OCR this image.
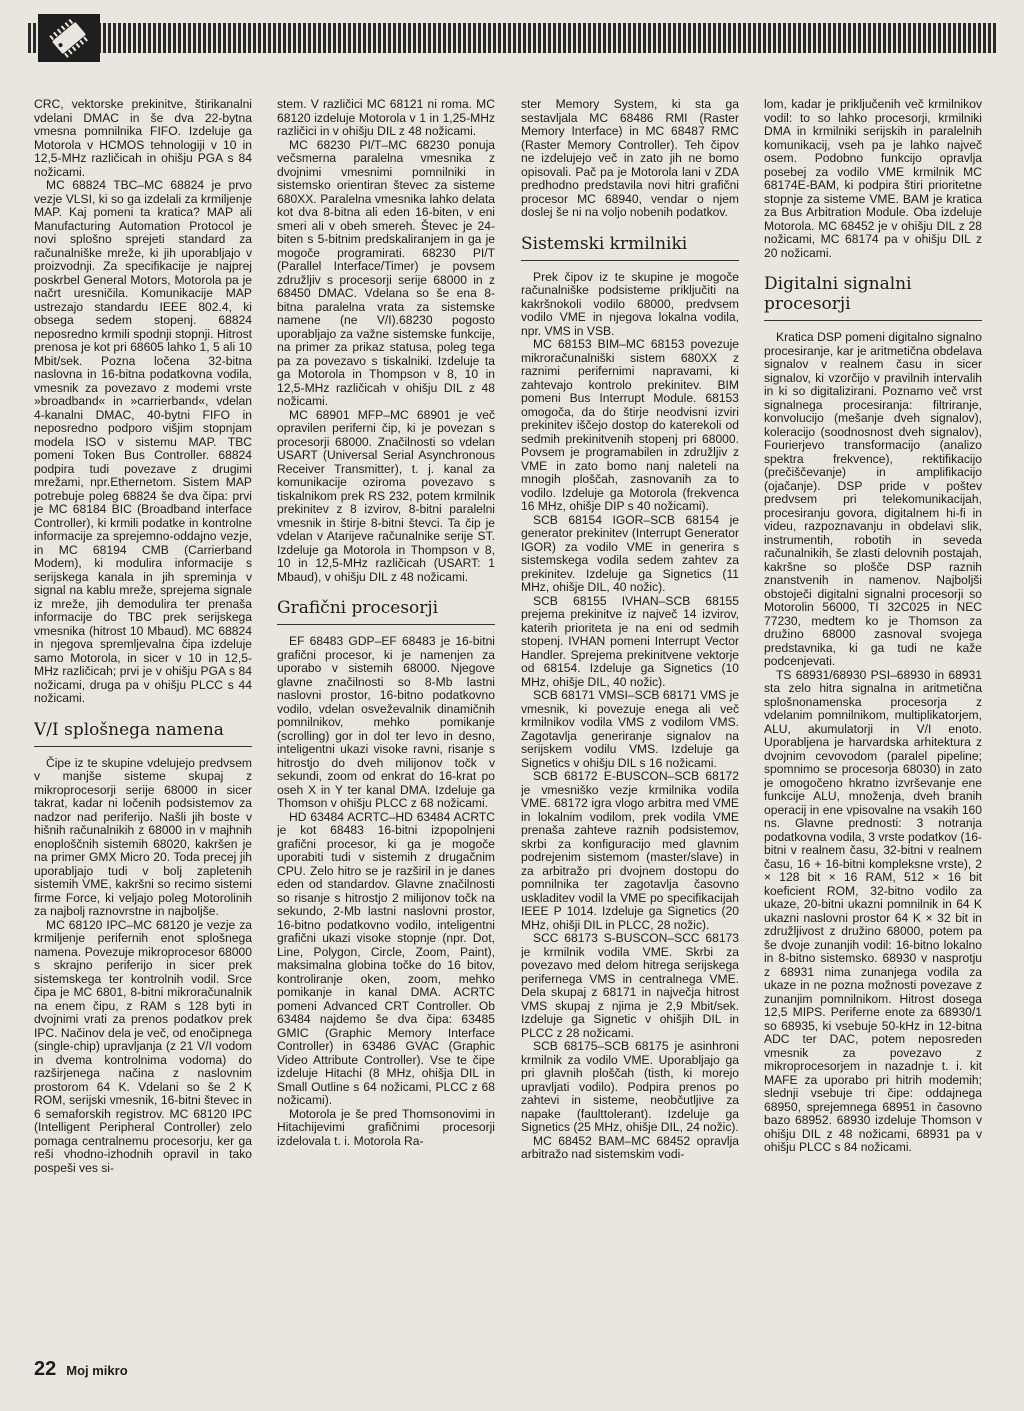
CRC, vektorske prekinitve, štirikanalni vdelani DMAC in še dva 22-bytna vmesna pomnilnika FIFO. Izdeluje ga Motorola v HCMOS tehnologiji v 10 in 12,5-MHz različicah in ohišju PGA s 84 nožicami.

MC 68824 TBC–MC 68824 je prvo vezje VLSI, ki so ga izdelali za krmiljenje MAP. Kaj pomeni ta kratica? MAP ali Manufacturing Automation Protocol je novi splošno sprejeti standard za računalniške mreže, ki jih uporabljajo v proizvodnji. Za specifikacije je najprej poskrbel General Motors, Motorola pa je načrt uresničila. Komunikacije MAP ustrezajo standardu IEEE 802.4, ki obsega sedem stopenj. 68824 neposredno krmili spodnji stopnji. Hitrost prenosa je kot pri 68605 lahko 1, 5 ali 10 Mbit/sek. Pozna ločena 32-bitna naslovna in 16-bitna podatkovna vodila, vmesnik za povezavo z modemi vrste »broadband« in »carrierband«, vdelan 4-kanalni DMAC, 40-bytni FIFO in neposredno podporo višjim stopnjam modela ISO v sistemu MAP. TBC pomeni Token Bus Controller. 68824 podpira tudi povezave z drugimi mrežami, npr.Ethernetom. Sistem MAP potrebuje poleg 68824 še dva čipa: prvi je MC 68184 BIC (Broadband interface Controller), ki krmili podatke in kontrolne informacije za sprejemno-oddajno vezje, in MC 68194 CMB (Carrierband Modem), ki modulira informacije s serijskega kanala in jih spreminja v signal na kablu mreže, sprejema signale iz mreže, jih demodulira ter prenaša informacije do TBC prek serijskega vmesnika (hitrost 10 Mbaud). MC 68824 in njegova spremljevalna čipa izdeluje samo Motorola, in sicer v 10 in 12,5-MHz različicah; prvi je v ohišju PGA s 84 nožicami, druga pa v ohišju PLCC s 44 nožicami.

V/I splošnega namena

Čipe iz te skupine vdelujejo predvsem v manjše sisteme skupaj z mikroprocesorji serije 68000 in sicer takrat, kadar ni ločenih podsistemov za nadzor nad periferijo. Našli jih boste v hišnih računalnikih z 68000 in v majhnih enoploščnih sistemih 68020, kakršen je na primer GMX Micro 20. Toda precej jih uporabljajo tudi v bolj zapletenih sistemih VME, kakršni so recimo sistemi firme Force, ki veljajo poleg Motorolinih za najbolj raznovrstne in najboljše.

MC 68120 IPC–MC 68120 je vezje za krmiljenje perifernih enot splošnega namena. Povezuje mikroprocesor 68000 s skrajno periferijo in sicer prek sistemskega ter kontrolnih vodil. Srce čipa je MC 6801, 8-bitni mikroračunalnik na enem čipu, z RAM s 128 byti in dvojnimi vrati za prenos podatkov prek IPC. Načinov dela je več, od enočipnega (single-chip) upravljanja (z 21 V/I vodom in dvema kontrolnima vodoma) do razširjenega načina z naslovnim prostorom 64 K. Vdelani so še 2 K ROM, serijski vmesnik, 16-bitni števec in 6 semaforskih registrov. MC 68120 IPC (Intelligent Peripheral Controller) zelo pomaga centralnemu procesorju, ker ga reši vhodno-izhodnih opravil in tako pospeši ves si-

stem. V različici MC 68121 ni roma. MC 68120 izdeluje Motorola v 1 in 1,25-MHz različici in v ohišju DIL z 48 nožicami.

MC 68230 PI/T–MC 68230 ponuja večsmerna paralelna vmesnika z dvojnimi vmesnimi pomnilniki in sistemsko orientiran števec za sisteme 680XX. Paralelna vmesnika lahko delata kot dva 8-bitna ali eden 16-biten, v eni smeri ali v obeh smereh. Števec je 24-biten s 5-bitnim predskaliranjem in ga je mogoče programirati. 68230 PI/T (Parallel Interface/Timer) je povsem združljiv s procesorji serije 68000 in z 68450 DMAC. Vdelana so še ena 8-bitna paralelna vrata za sistemske namene (ne V/I).68230 pogosto uporabljajo za važne sistemske funkcije, na primer za prikaz statusa, poleg tega pa za povezavo s tiskalniki. Izdeluje ta ga Motorola in Thompson v 8, 10 in 12,5-MHz različicah v ohišju DIL z 48 nožicami.

MC 68901 MFP–MC 68901 je več opravilen periferni čip, ki je povezan s procesorji 68000. Značilnosti so vdelan USART (Universal Serial Asynchronous Receiver Transmitter), t. j. kanal za komunikacije oziroma povezavo s tiskalnikom prek RS 232, potem krmilnik prekinitev z 8 izvirov, 8-bitni paralelni vmesnik in štirje 8-bitni števci. Ta čip je vdelan v Atarijeve računalnike serije ST. Izdeluje ga Motorola in Thompson v 8, 10 in 12,5-MHz različicah (USART: 1 Mbaud), v ohišju DIL z 48 nožicami.

Grafični procesorji

EF 68483 GDP–EF 68483 je 16-bitni grafični procesor, ki je namenjen za uporabo v sistemih 68000. Njegove glavne značilnosti so 8-Mb lastni naslovni prostor, 16-bitno podatkovno vodilo, vdelan osveževalnik dinamičnih pomnilnikov, mehko pomikanje (scrolling) gor in dol ter levo in desno, inteligentni ukazi visoke ravni, risanje s hitrostjo do dveh milijonov točk v sekundi, zoom od enkrat do 16-krat po oseh X in Y ter kanal DMA. Izdeluje ga Thomson v ohišju PLCC z 68 nožicami.

HD 63484 ACRTC–HD 63484 ACRTC je kot 68483 16-bitni izpopolnjeni grafični procesor, ki ga je mogoče uporabiti tudi v sistemih z drugačnim CPU. Zelo hitro se je razširil in je danes eden od standardov. Glavne značilnosti so risanje s hitrostjo 2 milijonov točk na sekundo, 2-Mb lastni naslovni prostor, 16-bitno podatkovno vodilo, inteligentni grafični ukazi visoke stopnje (npr. Dot, Line, Polygon, Circle, Zoom, Paint), maksimalna globina točke do 16 bitov, kontroliranje oken, zoom, mehko pomikanje in kanal DMA. ACRTC pomeni Advanced CRT Controller. Ob 63484 najdemo še dva čipa: 63485 GMIC (Graphic Memory Interface Controller) in 63486 GVAC (Graphic Video Attribute Controller). Vse te čipe izdeluje Hitachi (8 MHz, ohišja DIL in Small Outline s 64 nožicami, PLCC z 68 nožicami).

Motorola je še pred Thomsonovimi in Hitachijevimi grafičnimi procesorji izdelovala t. i. Motorola Ra-

ster Memory System, ki sta ga sestavljala MC 68486 RMI (Raster Memory Interface) in MC 68487 RMC (Raster Memory Controller). Teh čipov ne izdelujejo več in zato jih ne bomo opisovali. Pač pa je Motorola lani v ZDA predhodno predstavila novi hitri grafični procesor MC 68940, vendar o njem doslej še ni na voljo nobenih podatkov.

Sistemski krmilniki

Prek čipov iz te skupine je mogoče računalniške podsisteme priključiti na kakršnokoli vodilo 68000, predvsem vodilo VME in njegova lokalna vodila, npr. VMS in VSB.

MC 68153 BIM–MC 68153 povezuje mikroračunalniški sistem 680XX z raznimi perifernimi napravami, ki zahtevajo kontrolo prekinitev. BIM pomeni Bus Interrupt Module. 68153 omogoča, da do štirje neodvisni izviri prekinitev iščejo dostop do katerekoli od sedmih prekinitvenih stopenj pri 68000. Povsem je programabilen in združljiv z VME in zato bomo nanj naleteli na mnogih ploščah, zasnovanih za to vodilo. Izdeluje ga Motorola (frekvenca 16 MHz, ohišje DIP s 40 nožicami).

SCB 68154 IGOR–SCB 68154 je generator prekinitev (Interrupt Generator IGOR) za vodilo VME in generira s sistemskega vodila sedem zahtev za prekinitev. Izdeluje ga Signetics (11 MHz, ohišje DIL, 40 nožic).

SCB 68155 IVHAN–SCB 68155 prejema prekinitve iz največ 14 izvirov, katerih prioriteta je na eni od sedmih stopenj. IVHAN pomeni Interrupt Vector Handler. Sprejema prekinitvene vektorje od 68154. Izdeluje ga Signetics (10 MHz, ohišje DIL, 40 nožic).

SCB 68171 VMSI–SCB 68171 VMS je vmesnik, ki povezuje enega ali več krmilnikov vodila VMS z vodilom VMS. Zagotavlja generiranje signalov na serijskem vodilu VMS. Izdeluje ga Signetics v ohišju DIL s 16 nožicami.

SCB 68172 E-BUSCON–SCB 68172 je vmesniško vezje krmilnika vodila VME. 68172 igra vlogo arbitra med VME in lokalnim vodilom, prek vodila VME prenaša zahteve raznih podsistemov, skrbi za konfiguracijo med glavnim podrejenim sistemom (master/slave) in za arbitražo pri dvojnem dostopu do pomnilnika ter zagotavlja časovno uskladitev vodil la VME po specifikacijah IEEE P 1014. Izdeluje ga Signetics (20 MHz, ohišji DIL in PLCC, 28 nožic).

SCC 68173 S-BUSCON–SCC 68173 je krmilnik vodila VME. Skrbi za povezavo med delom hitrega serijskega perifernega VMS in centralnega VME. Dela skupaj z 68171 in največja hitrost VMS skupaj z njima je 2,9 Mbit/sek. Izdeluje ga Signetic v ohišjih DIL in PLCC z 28 nožicami.

SCB 68175–SCB 68175 je asinhroni krmilnik za vodilo VME. Uporabljajo ga pri glavnih ploščah (tisth, ki morejo upravljati vodilo). Podpira prenos po zahtevi in sisteme, neobčutljive za napake (faulttolerant). Izdeluje ga Signetics (25 MHz, ohišje DIL, 24 nožic).

MC 68452 BAM–MC 68452 opravlja arbitražo nad sistemskim vodi-

lom, kadar je priključenih več krmilnikov vodil: to so lahko procesorji, krmilniki DMA in krmilniki serijskih in paralelnih komunikacij, vseh pa je lahko največ osem. Podobno funkcijo opravlja posebej za vodilo VME krmilnik MC 68174E-BAM, ki podpira štiri prioritetne stopnje za sisteme VME. BAM je kratica za Bus Arbitration Module. Oba izdeluje Motorola. MC 68452 je v ohišju DIL z 28 nožicami, MC 68174 pa v ohišju DIL z 20 nožicami.

Digitalni signalni procesorji

Kratica DSP pomeni digitalno signalno procesiranje, kar je aritmetična obdelava signalov v realnem času in sicer signalov, ki vzorčijo v pravilnih intervalih in ki so digitalizirani. Poznamo več vrst signalnega procesiranja: filtriranje, konvolucijo (mešanje dveh signalov), koleracijo (soodnosnost dveh signalov), Fourierjevo transformacijo (analizo spektra frekvence), rektifikacijo (prečiščevanje) in amplifikacijo (ojačanje). DSP pride v poštev predvsem pri telekomunikacijah, procesiranju govora, digitalnem hi-fi in videu, razpoznavanju in obdelavi slik, instrumentih, robotih in seveda računalnikih, še zlasti delovnih postajah, kakršne so plošče DSP raznih znanstvenih in namenov. Najboljši obstoječi digitalni signalni procesorji so Motorolin 56000, TI 32C025 in NEC 77230, medtem ko je Thomson za družino 68000 zasnoval svojega predstavnika, ki ga tudi ne kaže podcenjevati.

TS 68931/68930 PSI–68930 in 68931 sta zelo hitra signalna in aritmetična splošnonamenska procesorja z vdelanim pomnilnikom, multiplikatorjem, ALU, akumulatorji in V/I enoto. Uporabljena je harvardska arhitektura z dvojnim cevovodom (paralel pipeline; spomnimo se procesorja 68030) in zato je omogočeno hkratno izvrševanje ene funkcije ALU, množenja, dveh branih operacij in ene vpisovalne na vsakih 160 ns. Glavne prednosti: 3 notranja podatkovna vodila, 3 vrste podatkov (16-bitni v realnem času, 32-bitni v realnem času, 16 + 16-bitni kompleksne vrste), 2 × 128 bit × 16 RAM, 512 × 16 bit koeficient ROM, 32-bitno vodilo za ukaze, 20-bitni ukazni pomnilnik in 64 K ukazni naslovni prostor 64 K × 32 bit in združljivost z družino 68000, potem pa še dvoje zunanjih vodil: 16-bitno lokalno in 8-bitno sistemsko. 68930 v nasprotju z 68931 nima zunanjega vodila za ukaze in ne pozna možnosti povezave z zunanjim pomnilnikom. Hitrost dosega 12,5 MIPS. Periferne enote za 68930/1 so 68935, ki vsebuje 50-kHz in 12-bitna ADC ter DAC, potem neposreden vmesnik za povezavo z mikroprocesorjem in nazadnje t. i. kit MAFE za uporabo pri hitrih modemih; slednji vsebuje tri čipe: oddajnega 68950, sprejemnega 68951 in časovno bazo 68952. 68930 izdeluje Thomson v ohišju DIL z 48 nožicami, 68931 pa v ohišju PLCC s 84 nožicami.

22 Moj mikro
